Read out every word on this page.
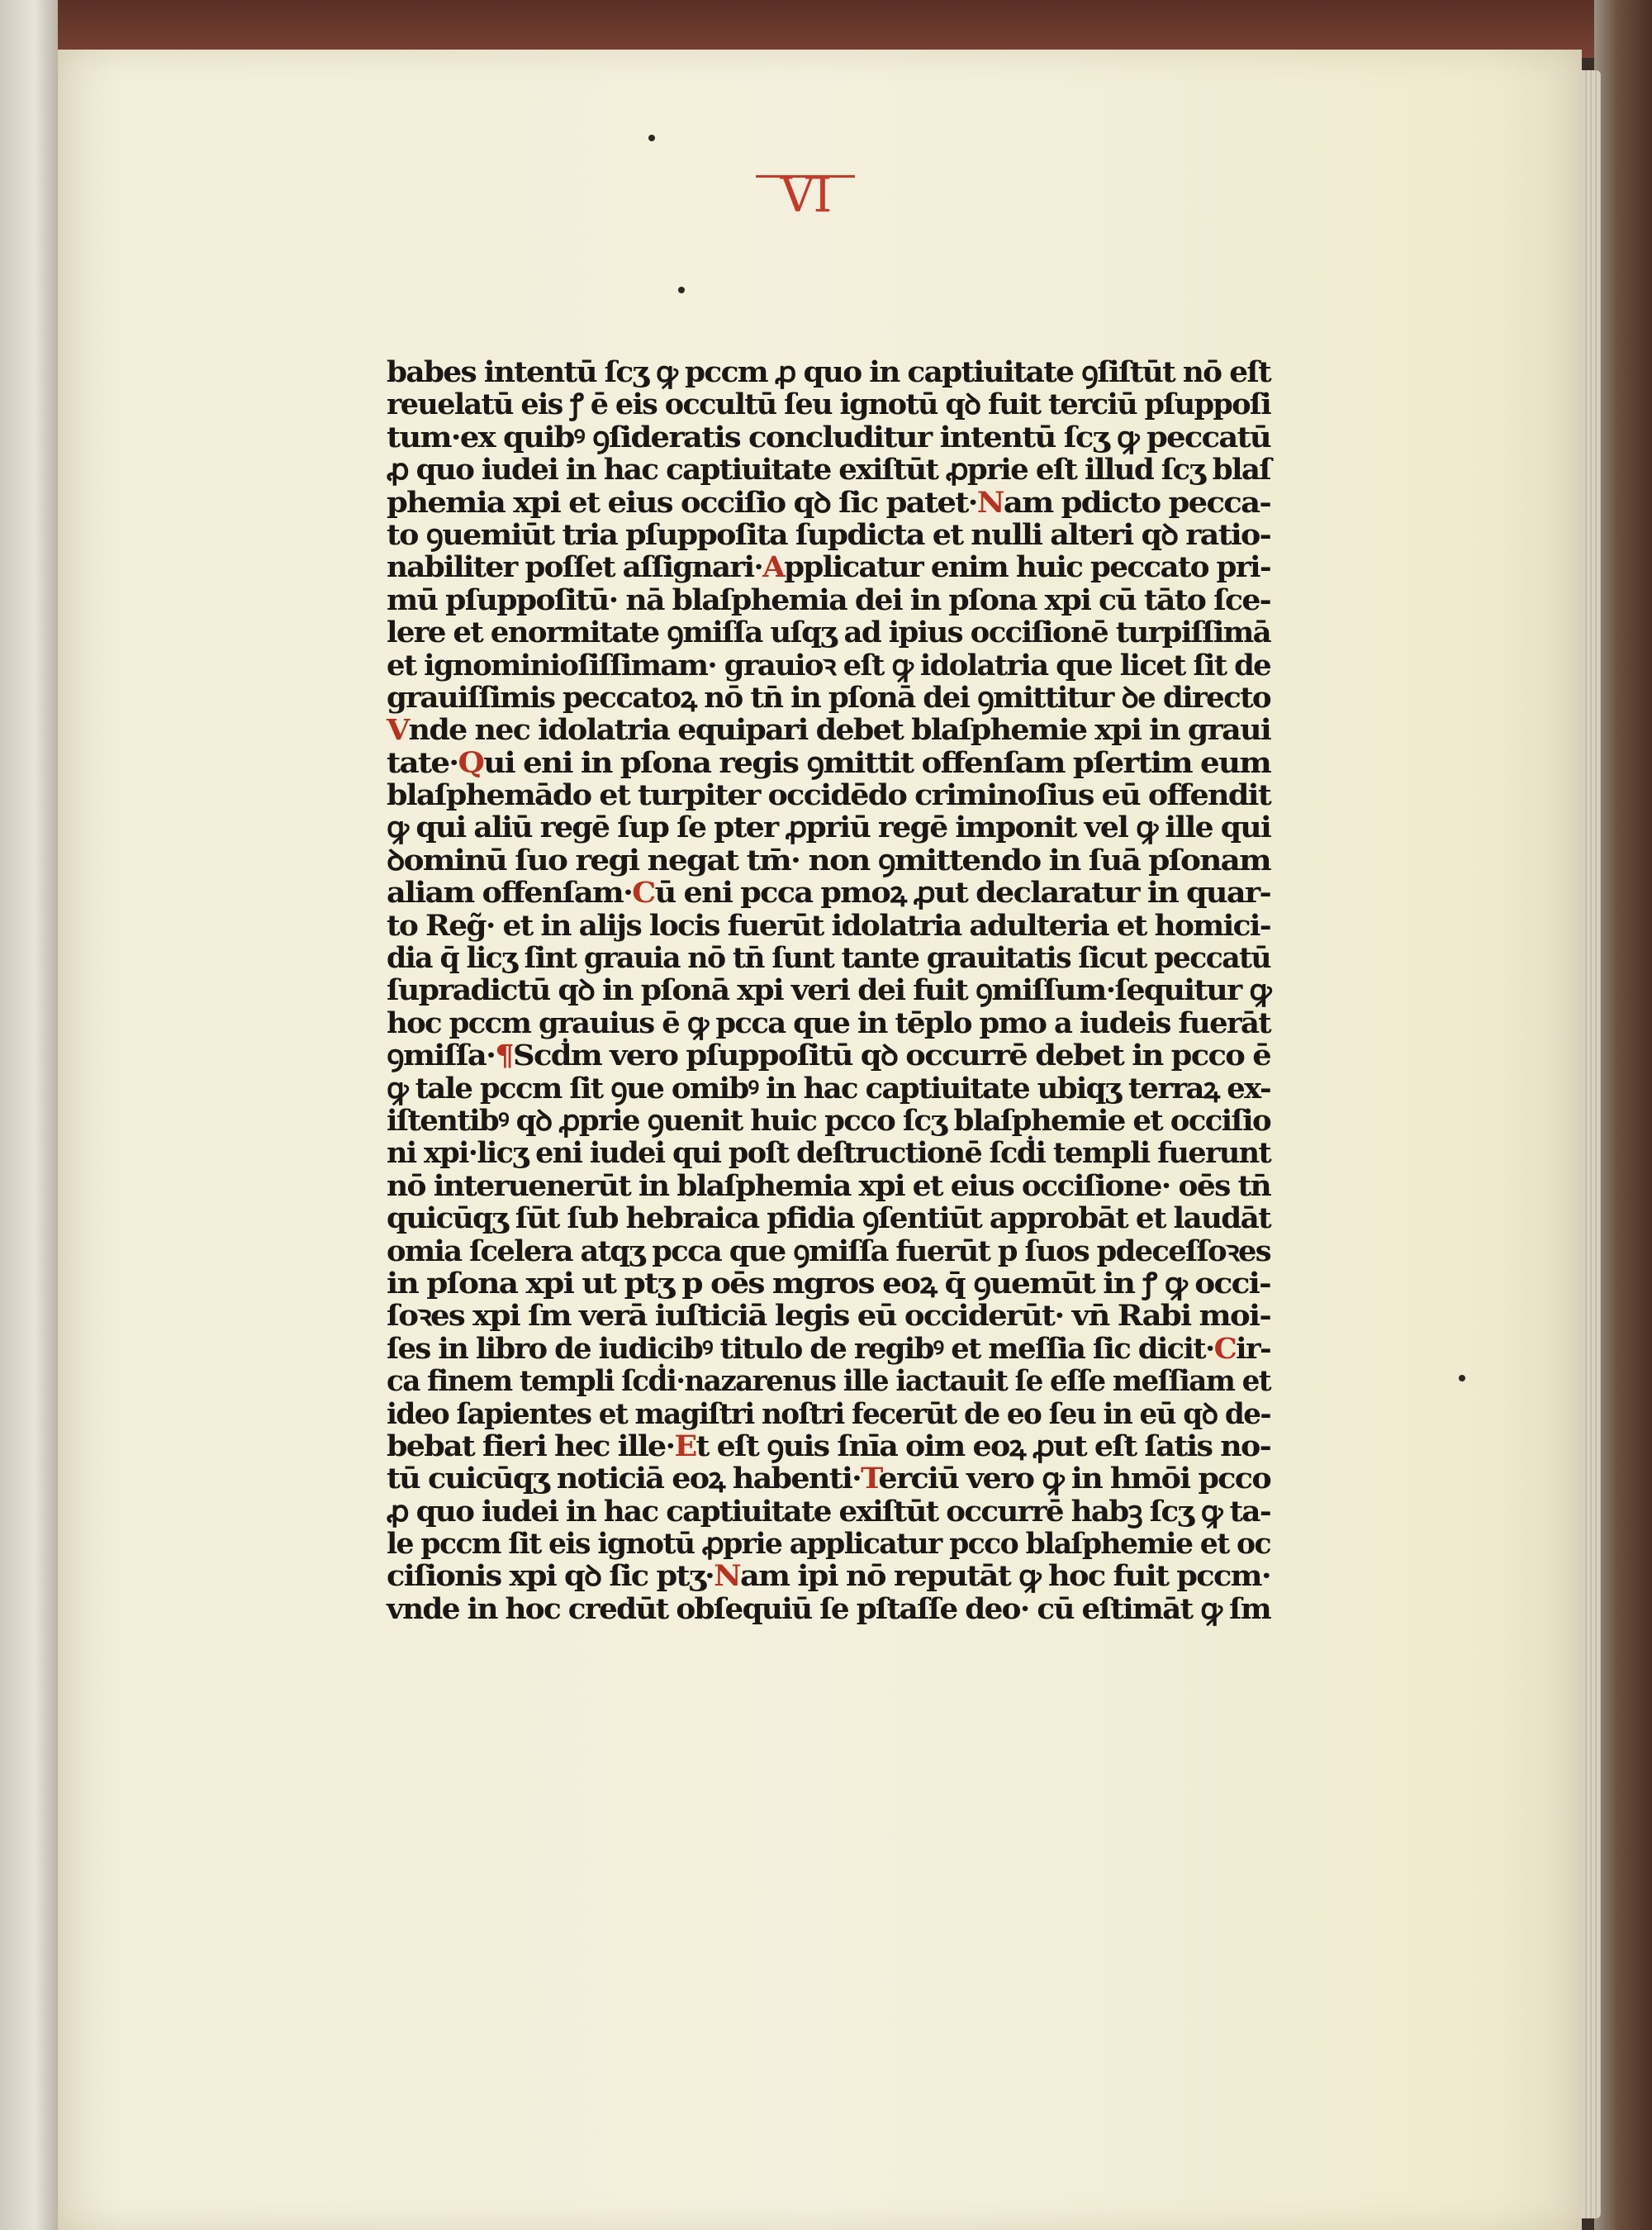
VI
babes intentū ſcʒ ꝙ pccm ꝓ quo in captiuitate ꝯſiſtūt nō eſt
reuelatū eis ꝭ ē eis occultū ſeu ignotū qꝺ fuit terciū pſuppoſi
tum·ex quibꝰ ꝯſideratis concluditur intentū ſcʒ ꝙ peccatū
ꝓ quo iudei in hac captiuitate exiſtūt ꝓprie eſt illud ſcʒ blaſ
phemia xpi et eius occiſio qꝺ ſic patet·Nam pdicto pecca-
to ꝯuemiūt tria pſuppoſita ſupdicta et nulli alteri qꝺ ratio-
nabiliter poſſet aſſignari·Applicatur enim huic peccato pri-
mū pſuppoſitū· nā blaſphemia dei in pſona xpi cū tāto ſce-
lere et enormitate ꝯmiſſa uſqʒ ad ipius occiſionē turpiſſimā
et ignominioſiſſimam· grauioꝛ eſt ꝙ idolatria que licet ſit de
grauiſſimis peccatoꝝ nō tn̄ in pſonā dei ꝯmittitur ꝺe directo
Vnde nec idolatria equipari debet blaſphemie xpi in graui
tate·Qui eni in pſona regis ꝯmittit offenſam pſertim eum
blaſphemādo et turpiter occidēdo criminoſius eū offendit
ꝙ qui aliū regē ſup ſe pter ꝓpriū regē imponit vel ꝙ ille qui
ꝺominū ſuo regi negat tm̄· non ꝯmittendo in ſuā pſonam
aliam offenſam·Cū eni pcca pmoꝝ ꝓut declaratur in quar-
to Reg̃· et in alijs locis fuerūt idolatria adulteria et homici-
dia q̄ licʒ ſint grauia nō tn̄ ſunt tante grauitatis ſicut peccatū
ſupradictū qꝺ in pſonā xpi veri dei fuit ꝯmiſſum·ſequitur ꝙ
hoc pccm grauius ē ꝙ pcca que in tēplo pmo a iudeis fuerāt
ꝯmiſſa·¶Scḋm vero pſuppoſitū qꝺ occurrē debet in pcco ē
ꝙ tale pccm ſit ꝯue omibꝰ in hac captiuitate ubiqʒ terraꝝ ex-
iſtentibꝰ qꝺ ꝓprie ꝯuenit huic pcco ſcʒ blaſphemie et occiſio
ni xpi·licʒ eni iudei qui poſt deſtructionē ſcḋi templi fuerunt
nō interuenerūt in blaſphemia xpi et eius occiſione· oēs tn̄
quicūqʒ ſūt ſub hebraica pfidia ꝯſentiūt approbāt et laudāt
omia ſcelera atqʒ pcca que ꝯmiſſa fuerūt p ſuos pdeceſſoꝛes
in pſona xpi ut ptʒ p oēs mgros eoꝝ q̄ ꝯuemūt in ꝭ ꝙ occi-
ſoꝛes xpi ſm verā iuſticiā legis eū occiderūt· vn̄ Rabi moi-
ſes in libro de iudicibꝰ titulo de regibꝰ et meſſia ſic dicit·Cir-
ca finem templi ſcḋi·nazarenus ille iactauit ſe eſſe meſſiam et
ideo ſapientes et magiſtri noſtri fecerūt de eo ſeu in eū qꝺ de-
bebat fieri hec ille·Et eſt ꝯuis ſnīa oim eoꝝ ꝓut eſt ſatis no-
tū cuicūqʒ noticiā eoꝝ habenti·Terciū vero ꝙ in hmōi pcco
ꝓ quo iudei in hac captiuitate exiſtūt occurrē habꝫ ſcʒ ꝙ ta-
le pccm ſit eis ignotū ꝓprie applicatur pcco blaſphemie et oc
ciſionis xpi qꝺ ſic ptʒ·Nam ipi nō reputāt ꝙ hoc fuit pccm·
vnde in hoc credūt obſequiū ſe pſtaſſe deo· cū eſtimāt ꝙ ſm
